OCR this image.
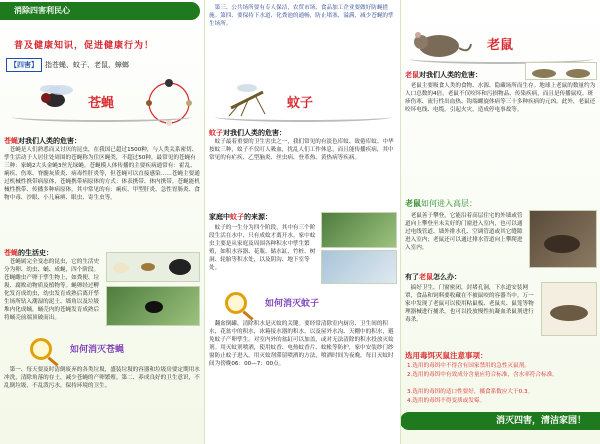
消除四害利民心
普及健康知识，促进健康行为！
【四害】 指苍蝇、蚊子、老鼠、蟑螂
苍蝇
苍蝇对我们人类的危害：
苍蝇是人们熟悉而又讨厌的昆虫，在我国已超过1500种，与人类关系密切、孳生活动于人居住处周围的苍蝇称为住区蝇类，不超过50种，最常见的苍蝇有三种：家蝇2大头金蝇3丝光绿蝇。苍蝇模人体传播的主要疾病通常有：霍乱、痢疾、伤寒、脊髓灰质炎、病毒性肝炎等，但苍蝇可以直接感染……苍蝇主要通过机械性携带病原体，苍蝇携带病原体的方式：体表携带、体内携带。苍蝇能机械性携带、传播多种病原体，其中常见的有：痢疾、甲型肝炎、急性胃肠炎、食物中毒、沙眼、小儿麻痹、眼虫、寄生虫等。
苍蝇的生活史：
苍蝇属完全变态的昆虫，它的生活史分为卵、幼虫、蛹、成蝇，四个阶段。苍蝇雌虫产卵于孳生物上，如粪便、垃圾、腐败动物质及植物等。蝇卵经过孵化发育成幼虫，幼虫发育成熟后离开孳生场所钻入潮湿的泥土、墙角以及垃圾堆内化成蛹，蛹壳内的苍蝇发育成熟后将蛹壳前端顶破而出。
如何消灭苍蝇
第一、每天要及时清倒废弃的各类垃圾，盛装垃圾的容器和垃圾房要定期用水冲洗，清除角落的存土，减少苍蝇的产卵繁殖。第二、养成良好的卫生意识，不乱倒垃圾，不乱泼污水，保持环境的卫生。
第三、公共场所要有专人保洁，农贸市场、食品加工企业要做好防蝇措施。第四、要保持下水道、化粪池的通畅，防止堵塞、溢满，减少苍蝇的孳生场所。
蚊子
蚊子对我们人类的危害：
蚊子最着重要的卫生害虫之一，我们常见的有淡色库蚊、致倦库蚊、中华按蚊三种，蚊子不仅叮人吸血，扰乱人们工作休息，而且能传播疾病，其中常见的有疟疾、乙型脑炎、丝虫病、登革热、黄热病等疾病。
家庭中蚊子的来源：
蚊子的一生分为四个阶段，其中有三个阶段生活在水中，只有成蚊才离开水。家中蚊虫主要是从家庭及周围各种积水中孳生繁殖，如积水容器、花瓶、储水缸、竹桩、树洞、轮胎等积水处，以及阴沟、地下室等处。
如何消灭蚊子
翻盆倒罐，清除积水是灭蚊的关键。要经常清除室内厨房、卫生间的积水，花盆中的积水，冰箱接水器的积水，以及屋外水沟、天棚中的积水，避免蚊子产卵孳生。对室内外的盆缸可以加盖，或对无法清除的积水投放灭蚊剂。用灭蚊剂喷洒，使用蚊香、电热蚊香片、蚊帐等防护，家中安装纱门纱窗防止蚊子进入。用灭蚊剂滞留喷洒的方法，喷洒时间为夜晚，每日灭蚊时间为傍晚06：00—7：00点。
老鼠
老鼠对我们人类的危害：
老鼠主要吸食人类的食物、水源、隐藏场所而生存。地球上老鼠的数量约为人口总数的4倍，老鼠不仅咬坏和污损物品、传染疾病，而且是传播鼠疫、斑疹伤寒、流行性出血热、钩端螺旋体病等三十多种疾病的元凶。此外，老鼠还咬坏电线、电缆，引起火灾，造成停电事故等。
老鼠如何进入高层：
老鼠善于攀登，它能沿着高层住宅的外墙或管道向上攀登至未关好的门窗进入室内，也可以通过电线管道、墙外排水孔、空调管道或其它缝隙进入室内；老鼠还可以通过排水管道向上攀爬进入室内。
有了老鼠怎么办：
搞好卫生，门窗密闭，封堵孔洞，下水道安装网罩，食品和饲料要收藏在不被鼠咬的容器当中。万一家中发现了老鼠可以使用粘鼠板、老鼠夹、鼠笼等物理器械进行捕杀，也可以投放慢性抗凝血杀鼠剂进行毒杀。
选用毒饵灭鼠注意事项：
1.选用的毒饵中不得含有国家禁用的急性灭鼠剂。
2.选用的毒饵中有效成分含量应符合标准，含水率符合标准。
3.选用的毒饵的适口性要好，摄食系数应大于0.3。
4.选用的毒饵不得变质或发霉。
消灭四害，清洁家园！
